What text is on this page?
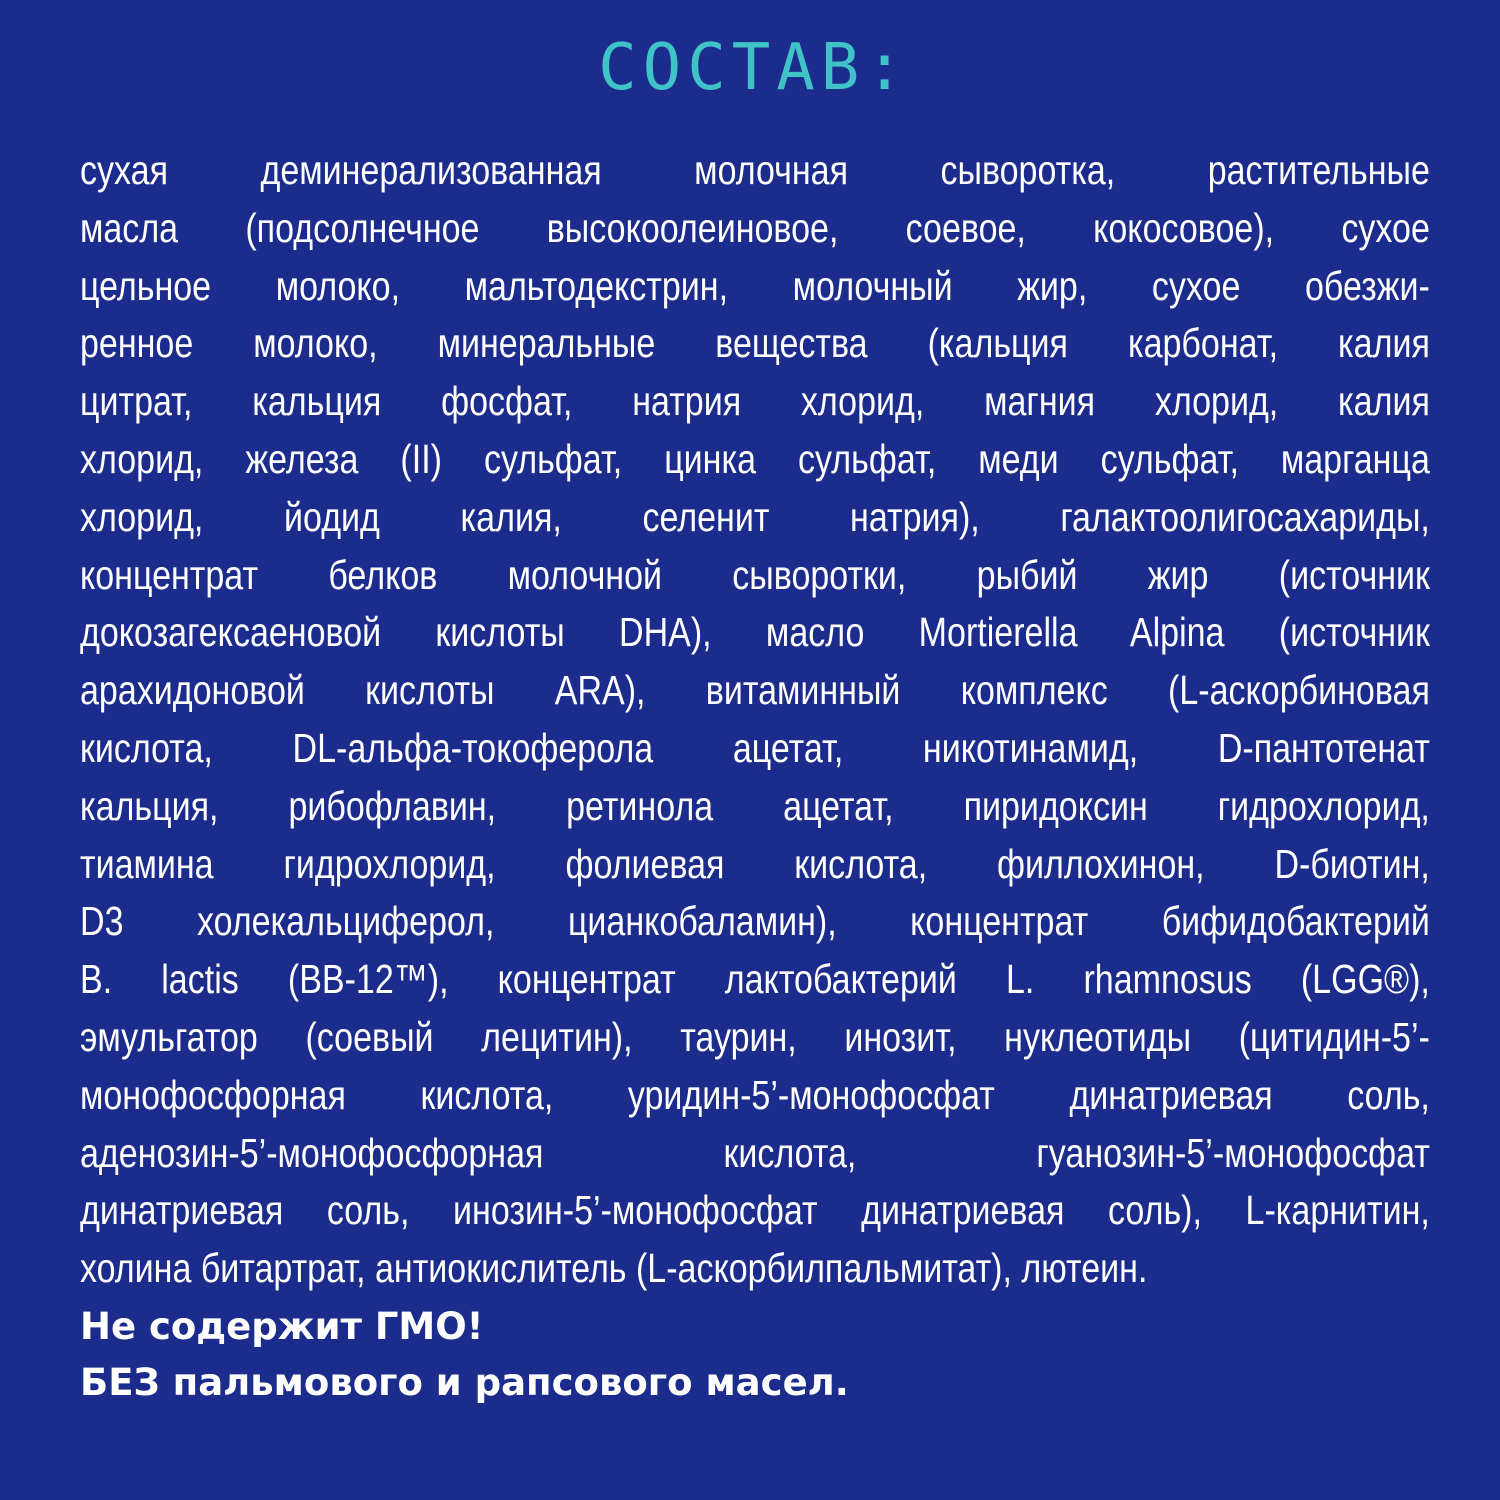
СОСТАВ:
сухая деминерализованная молочная сыворотка, растительные
масла (подсолнечное высокоолеиновое, соевое, кокосовое), сухое
цельное молоко, мальтодекстрин, молочный жир, сухое обезжи-
ренное молоко, минеральные вещества (кальция карбонат, калия
цитрат, кальция фосфат, натрия хлорид, магния хлорид, калия
хлорид, железа (II) сульфат, цинка сульфат, меди сульфат, марганца
хлорид, йодид калия, селенит натрия), галактоолигосахариды,
концентрат белков молочной сыворотки, рыбий жир (источник
докозагексаеновой кислоты DHA), масло Mortierella Alpina (источник
арахидоновой кислоты ARA), витаминный комплекс (L-аскорбиновая
кислота, DL-альфа-токоферола ацетат, никотинамид, D-пантотенат
кальция, рибофлавин, ретинола ацетат, пиридоксин гидрохлорид,
тиамина гидрохлорид, фолиевая кислота, филлохинон, D-биотин,
D3 холекальциферол, цианкобаламин), концентрат бифидобактерий
B. lactis (BB-12™), концентрат лактобактерий L. rhamnosus (LGG®),
эмульгатор (соевый лецитин), таурин, инозит, нуклеотиды (цитидин-5’-
монофосфорная кислота, уридин-5’-монофосфат динатриевая соль,
аденозин-5’-монофосфорная кислота, гуанозин-5’-монофосфат
динатриевая соль, инозин-5’-монофосфат динатриевая соль), L-карнитин,
холина битартрат, антиокислитель (L-аскорбилпальмитат), лютеин.
Не содержит ГМО!
БЕЗ пальмового и рапсового масел.
